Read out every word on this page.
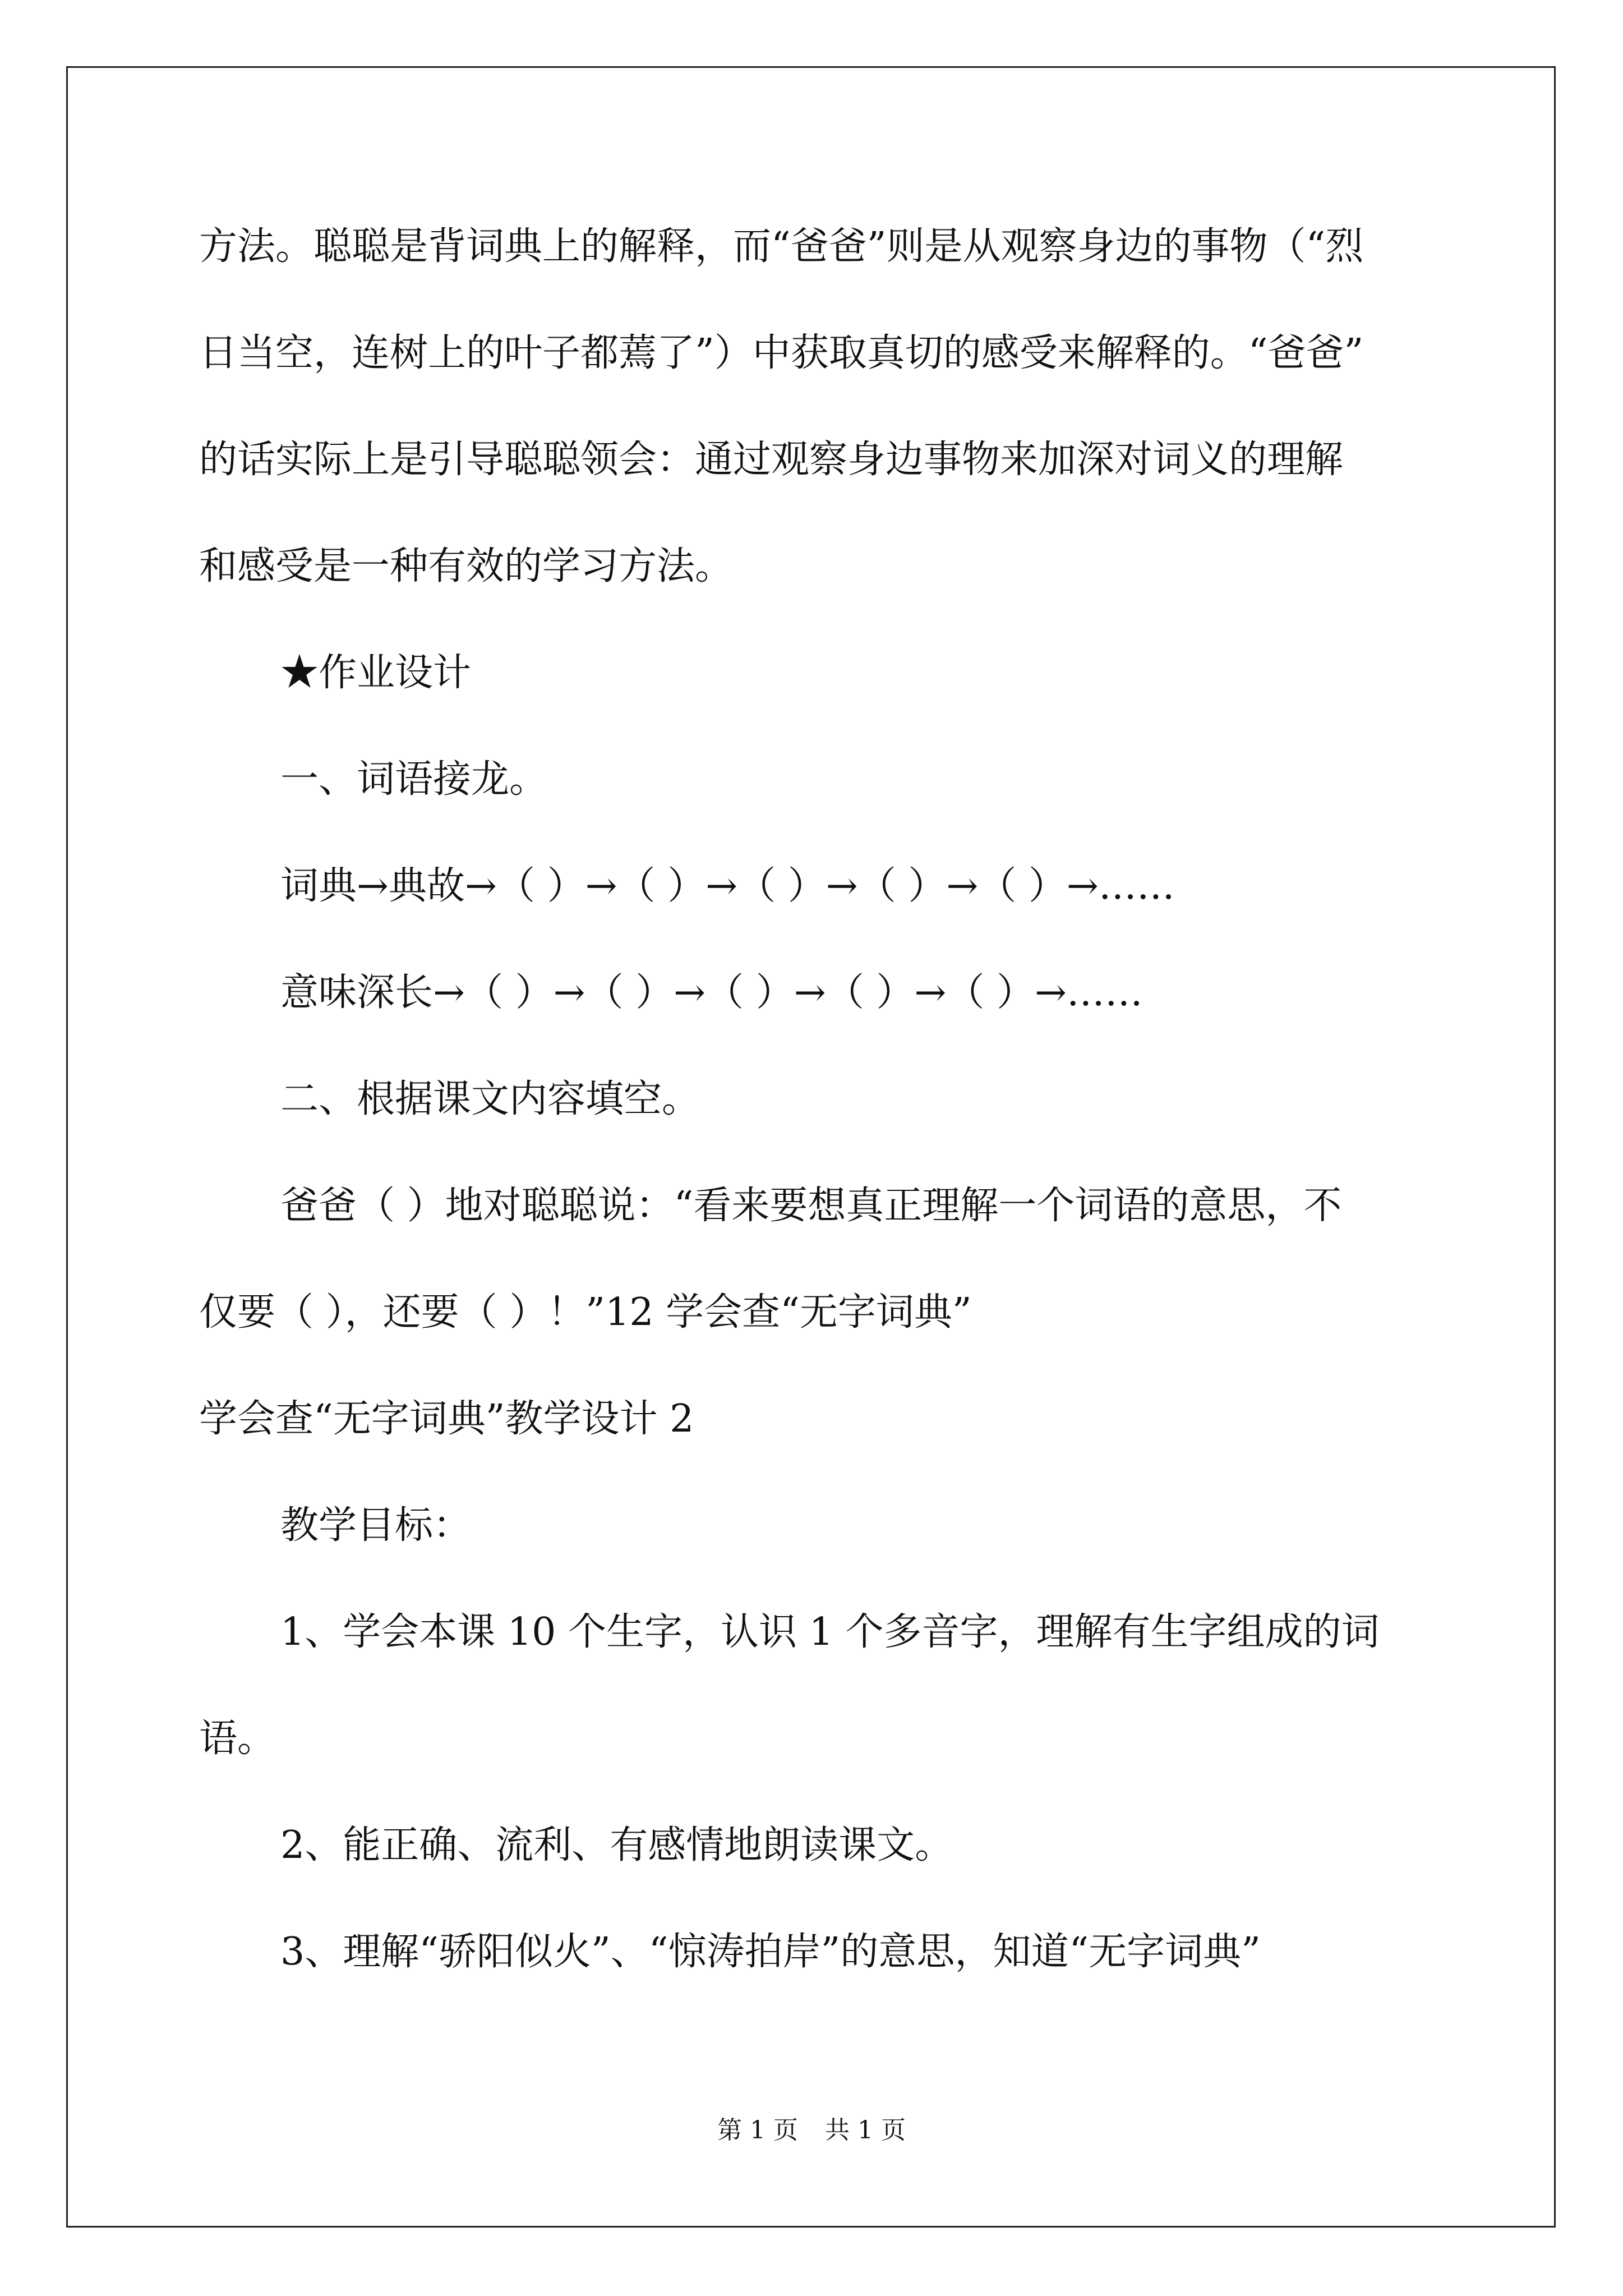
方法。聪聪是背词典上的解释，而“爸爸”则是从观察身边的事物（“烈
日当空，连树上的叶子都蔫了”）中获取真切的感受来解释的。“爸爸”
的话实际上是引导聪聪领会：通过观察身边事物来加深对词义的理解
和感受是一种有效的学习方法。
★作业设计
一、词语接龙。
词典→典故→（ ）→（ ）→（ ）→（ ）→（ ）→……
意味深长→（ ）→（ ）→（ ）→（ ）→（ ）→……
二、根据课文内容填空。
爸爸（ ）地对聪聪说：“看来要想真正理解一个词语的意思，不
仅要（ ），还要（ ）！”12 学会查“无字词典”
学会查“无字词典”教学设计 2
教学目标：
1、学会本课 10 个生字，认识 1 个多音字，理解有生字组成的词
语。
2、能正确、流利、有感情地朗读课文。
3、理解“骄阳似火”、“惊涛拍岸”的意思，知道“无字词典”
第 1 页 共 1 页
